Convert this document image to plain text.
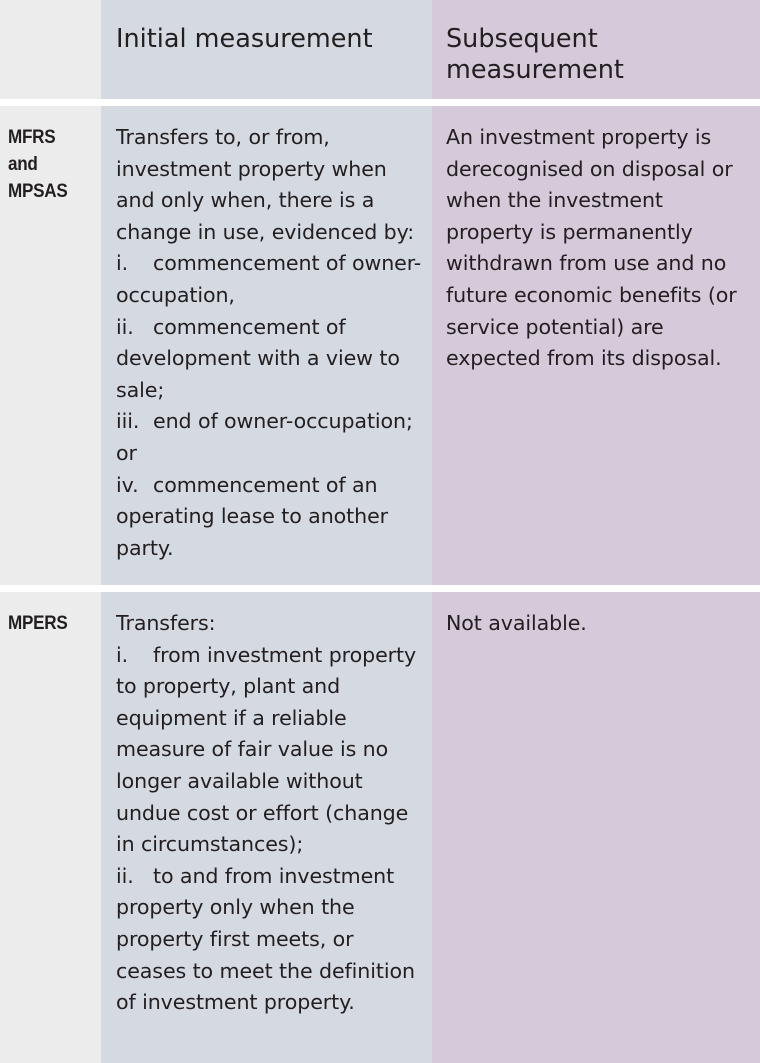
Initial measurement	Subsequent measurement

MFRS
and
MPSAS

Transfers to, or from, investment property when and only when, there is a change in use, evidenced by:

i. commencement of owner-occupation,
ii. commencement of development with a view to sale;
iii. end of owner-occupation; or
iv. commencement of an operating lease to another party.

An investment property is derecognised on disposal or when the investment property is permanently withdrawn from use and no future economic benefits (or service potential) are expected from its disposal.

MPERS	Transfers:

i. from investment property to property, plant and equipment if a reliable measure of fair value is no longer available without undue cost or effort (change in circumstances);
ii. to and from investment property only when the property first meets, or ceases to meet the definition of investment property.

Not available.
